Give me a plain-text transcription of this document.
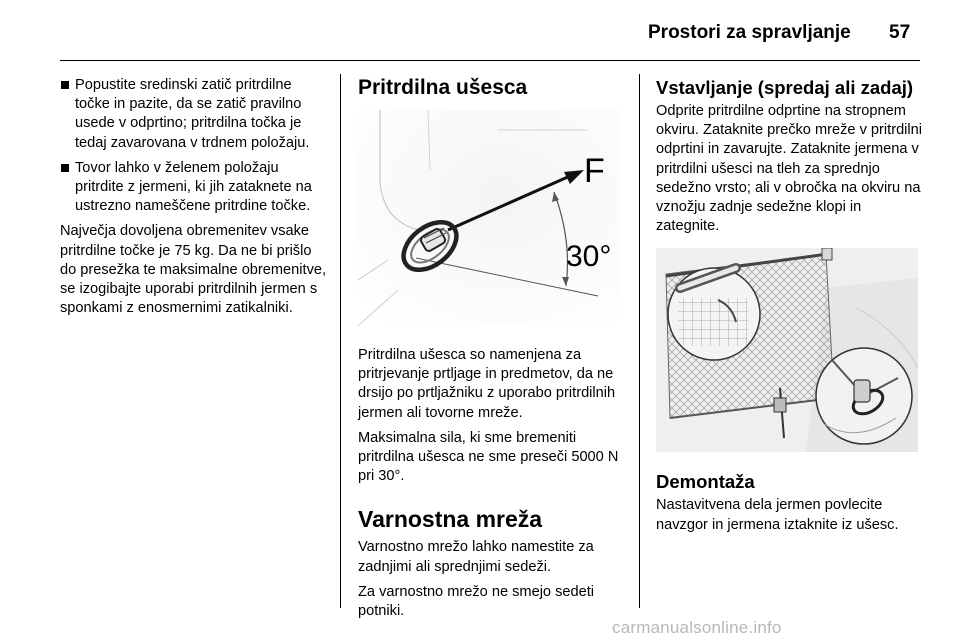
Prostori za spravljanje 57
Popustite sredinski zatič pritrdilne točke in pazite, da se zatič pravilno usede v odprtino; pritrdilna točka je tedaj zavarovana v trdnem položaju.
Tovor lahko v želenem položaju pritrdite z jermeni, ki jih zataknete na ustrezno nameščene pritrdine točke.

Največja dovoljena obremenitev vsake pritrdilne točke je 75 kg. Da ne bi prišlo do presežka te maksimalne obremenitve, se izogibajte uporabi pritrdilnih jermen s sponkami z enosmernimi zatikalniki.

Pritrdilna ušesca
F
30°

Pritrdilna ušesca so namenjena za pritrjevanje prtljage in predmetov, da ne drsijo po prtljažniku z uporabo pritrdilnih jermen ali tovorne mreže.

Maksimalna sila, ki sme bremeniti pritrdilna ušesca ne sme preseči 5000 N pri 30°.

Varnostna mreža

Varnostno mrežo lahko namestite za zadnjimi ali sprednjimi sedeži.

Za varnostno mrežo ne smejo sedeti potniki.

Vstavljanje (spredaj ali zadaj)

Odprite pritrdilne odprtine na stropnem okviru. Zataknite prečko mreže v pritrdilni odprtini in zavarujte. Zataknite jermena v pritrdilni ušesci na tleh za sprednjo sedežno vrsto; ali v obročka na okviru na vznožju zadnje sedežne klopi in zategnite.

Demontaža

Nastavitvena dela jermen povlecite navzgor in jermena iztaknite iz ušesc.

carmanualsonline.info
